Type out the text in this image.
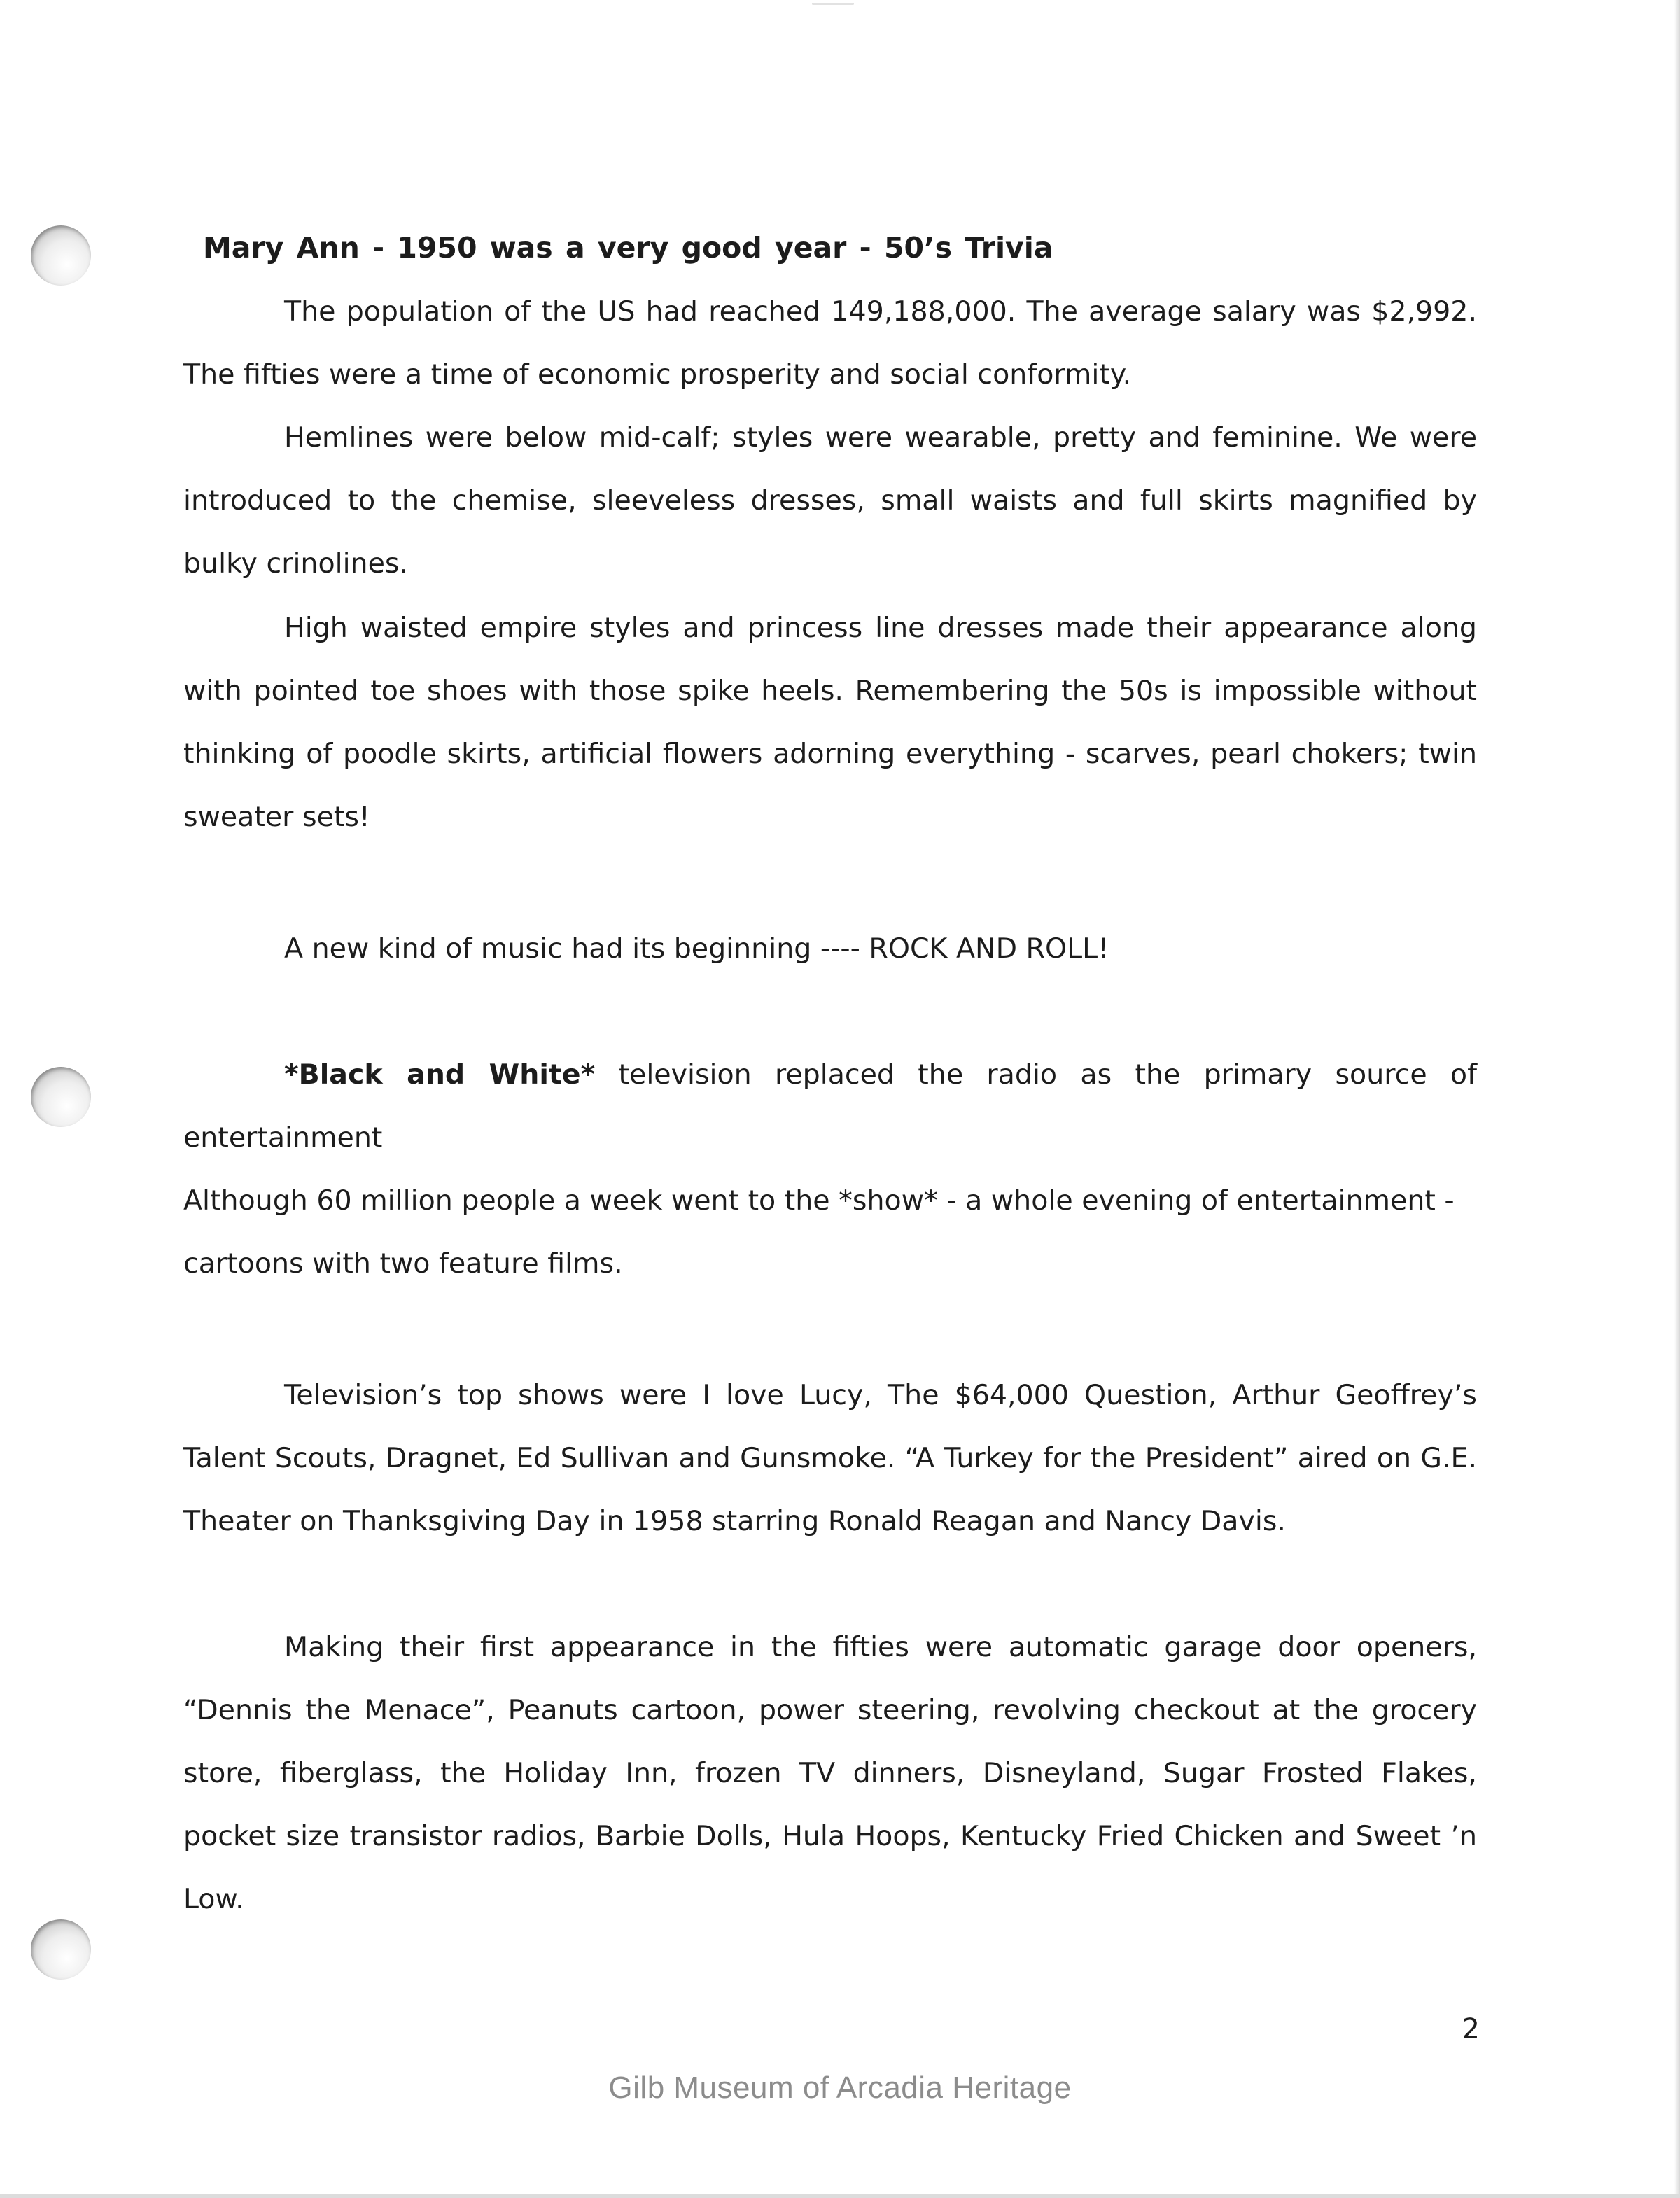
Mary Ann - 1950 was a very good year - 50’s Trivia

The population of the US had reached 149,188,000. The average salary was $2,992. The fifties were a time of economic prosperity and social conformity.

Hemlines were below mid-calf; styles were wearable, pretty and feminine. We were introduced to the chemise, sleeveless dresses, small waists and full skirts magnified by bulky crinolines.

High waisted empire styles and princess line dresses made their appearance along with pointed toe shoes with those spike heels. Remembering the 50s is impossible without thinking of poodle skirts, artificial flowers adorning everything - scarves, pearl chokers; twin sweater sets!

A new kind of music had its beginning ---- ROCK AND ROLL!

*Black and White* television replaced the radio as the primary source of entertainment

Although 60 million people a week went to the *show* - a whole evening of entertainment - cartoons with two feature films.

Television’s top shows were I love Lucy, The $64,000 Question, Arthur Geoffrey’s Talent Scouts, Dragnet, Ed Sullivan and Gunsmoke. “A Turkey for the President” aired on G.E. Theater on Thanksgiving Day in 1958 starring Ronald Reagan and Nancy Davis.

Making their first appearance in the fifties were automatic garage door openers, “Dennis the Menace”, Peanuts cartoon, power steering, revolving checkout at the grocery store, fiberglass, the Holiday Inn, frozen TV dinners, Disneyland, Sugar Frosted Flakes, pocket size transistor radios, Barbie Dolls, Hula Hoops, Kentucky Fried Chicken and Sweet ’n Low.

2
Gilb Museum of Arcadia Heritage
